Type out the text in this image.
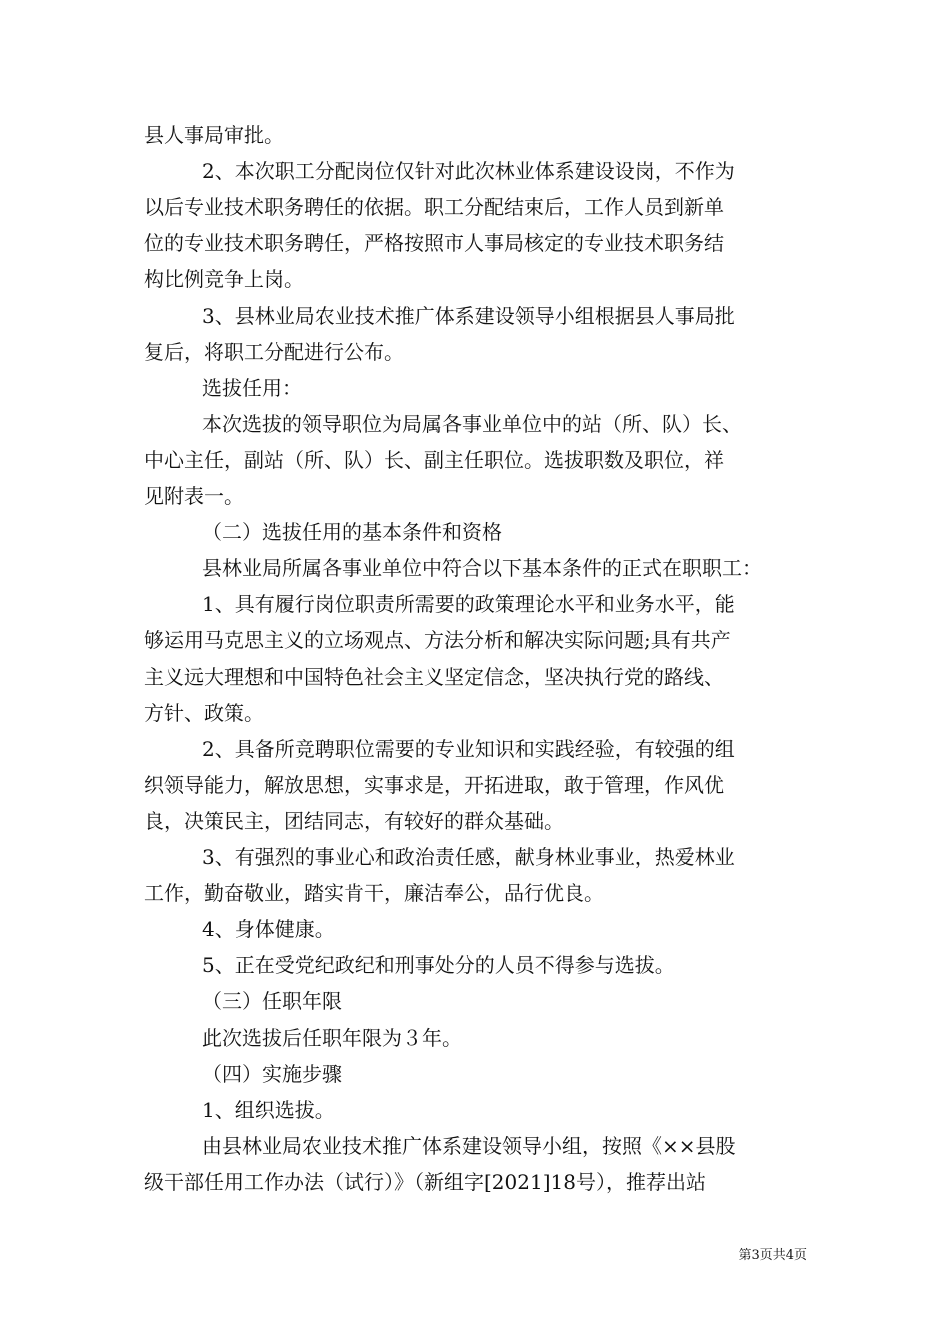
县人事局审批。
2、本次职工分配岗位仅针对此次林业体系建设设岗，不作为
以后专业技术职务聘任的依据。职工分配结束后，工作人员到新单
位的专业技术职务聘任，严格按照市人事局核定的专业技术职务结
构比例竞争上岗。
3、县林业局农业技术推广体系建设领导小组根据县人事局批
复后，将职工分配进行公布。
选拔任用：
本次选拔的领导职位为局属各事业单位中的站（所、队）长、
中心主任，副站（所、队）长、副主任职位。选拔职数及职位，祥
见附表一。
（二）选拔任用的基本条件和资格
县林业局所属各事业单位中符合以下基本条件的正式在职职工：
1、具有履行岗位职责所需要的政策理论水平和业务水平，能
够运用马克思主义的立场观点、方法分析和解决实际问题;具有共产
主义远大理想和中国特色社会主义坚定信念，坚决执行党的路线、
方针、政策。
2、具备所竞聘职位需要的专业知识和实践经验，有较强的组
织领导能力，解放思想，实事求是，开拓进取，敢于管理，作风优
良，决策民主，团结同志，有较好的群众基础。
3、有强烈的事业心和政治责任感，献身林业事业，热爱林业
工作，勤奋敬业，踏实肯干，廉洁奉公，品行优良。
4、身体健康。
5、正在受党纪政纪和刑事处分的人员不得参与选拔。
（三）任职年限
此次选拔后任职年限为３年。
（四）实施步骤
1、组织选拔。
由县林业局农业技术推广体系建设领导小组，按照《××县股
级干部任用工作办法（试行）》（新组字[2021]18号），推荐出站
第3页共4页
